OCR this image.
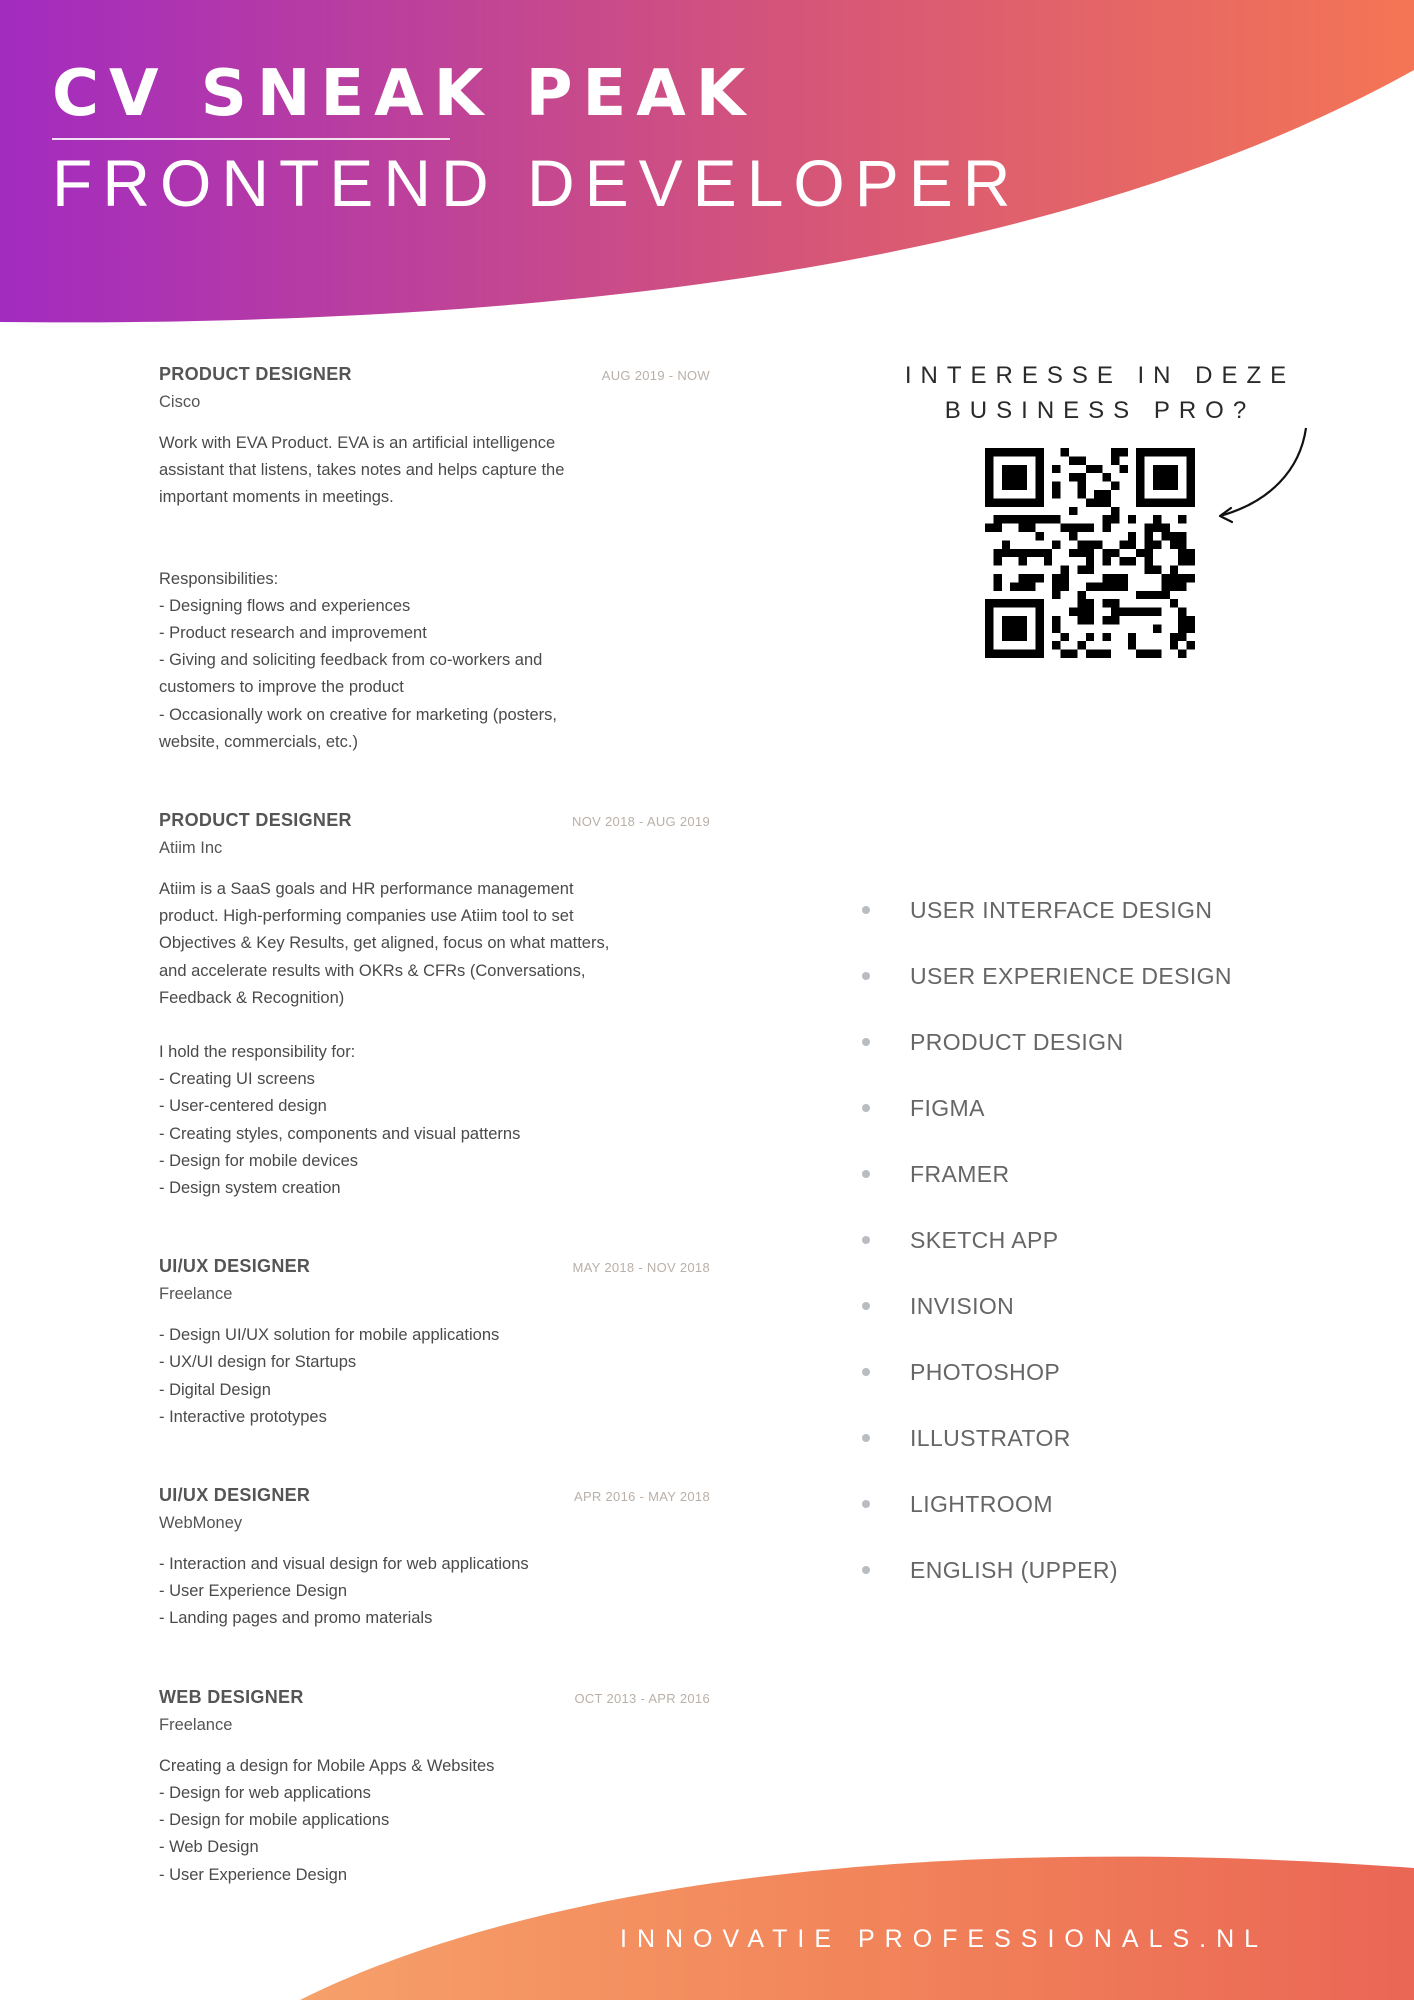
CV SNEAK PEAK
FRONTEND DEVELOPER
PRODUCT DESIGNER	AUG 2019 - NOW
Cisco
Work with EVA Product. EVA is an artificial intelligence
assistant that listens, takes notes and helps capture the
important moments in meetings.
Responsibilities:
- Designing flows and experiences
- Product research and improvement
- Giving and soliciting feedback from co-workers and
customers to improve the product
- Occasionally work on creative for marketing (posters,
website, commercials, etc.)
PRODUCT DESIGNER	NOV 2018 - AUG 2019
Atiim Inc
Atiim is a SaaS goals and HR performance management
product. High-performing companies use Atiim tool to set
Objectives & Key Results, get aligned, focus on what matters,
and accelerate results with OKRs & CFRs (Conversations,
Feedback & Recognition)
I hold the responsibility for:
- Creating UI screens
- User-centered design
- Creating styles, components and visual patterns
- Design for mobile devices
- Design system creation
UI/UX DESIGNER	MAY 2018 - NOV 2018
Freelance
- Design UI/UX solution for mobile applications
- UX/UI design for Startups
- Digital Design
- Interactive prototypes
UI/UX DESIGNER	APR 2016 - MAY 2018
WebMoney
- Interaction and visual design for web applications
- User Experience Design
- Landing pages and promo materials
WEB DESIGNER	OCT 2013 - APR 2016
Freelance
Creating a design for Mobile Apps & Websites
- Design for web applications
- Design for mobile applications
- Web Design
- User Experience Design
INTERESSE IN DEZE
BUSINESS PRO?
USER INTERFACE DESIGN
USER EXPERIENCE DESIGN
PRODUCT DESIGN
FIGMA
FRAMER
SKETCH APP
INVISION
PHOTOSHOP
ILLUSTRATOR
LIGHTROOM
ENGLISH (UPPER)
INNOVATIE PROFESSIONALS.NL
